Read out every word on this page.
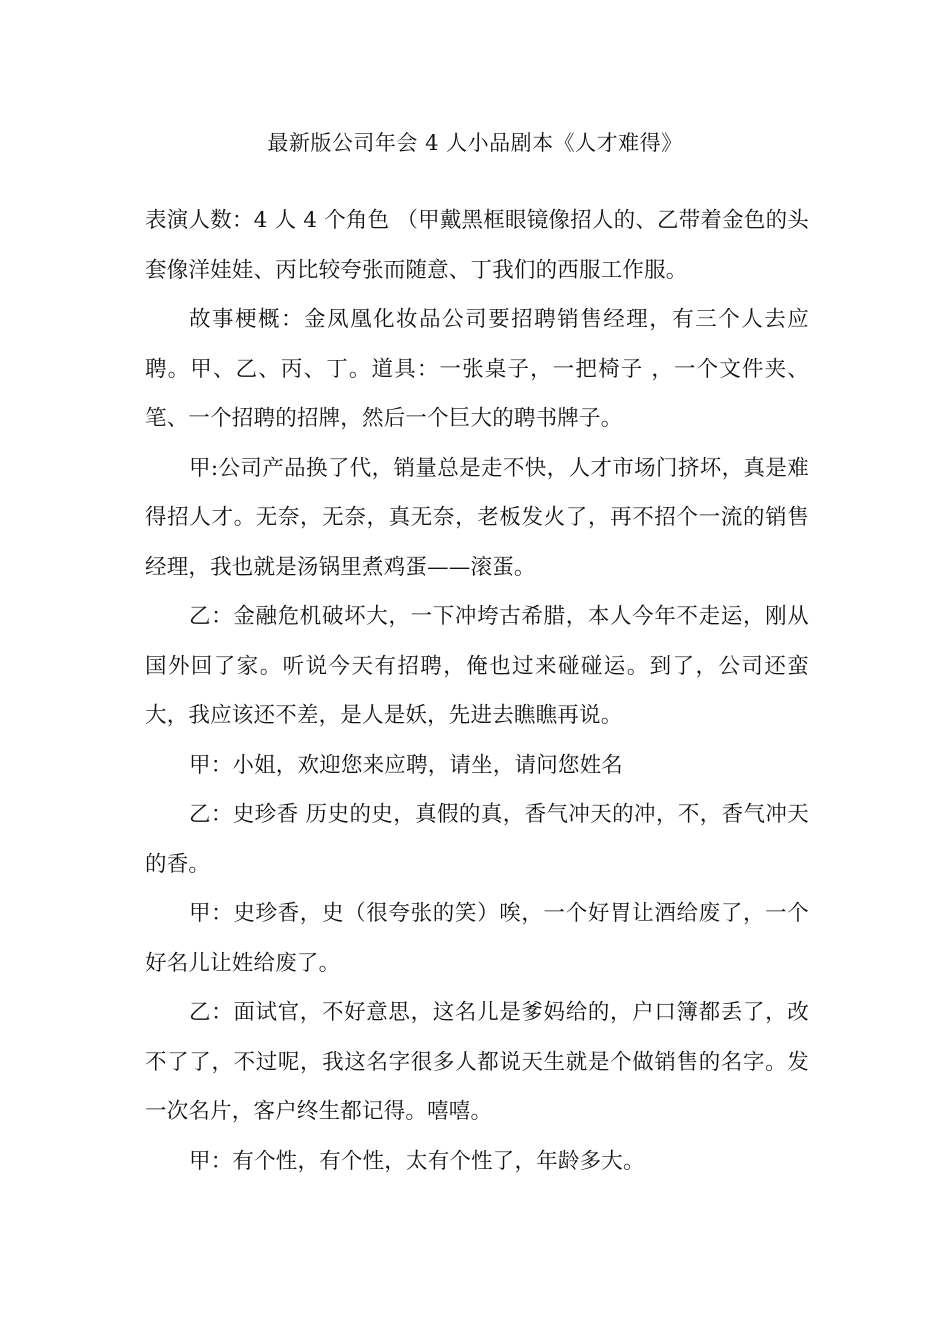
最新版公司年会 4 人小品剧本《人才难得》

表演人数：4 人 4 个角色 （甲戴黑框眼镜像招人的、乙带着金色的头套像洋娃娃、丙比较夸张而随意、丁我们的西服工作服。

故事梗概：金凤凰化妆品公司要招聘销售经理，有三个人去应聘。甲、乙、丙、丁。道具：一张桌子，一把椅子 ，一个文件夹、笔、一个招聘的招牌，然后一个巨大的聘书牌子。

甲:公司产品换了代，销量总是走不快，人才市场门挤坏，真是难得招人才。无奈，无奈，真无奈，老板发火了，再不招个一流的销售经理，我也就是汤锅里煮鸡蛋——滚蛋。

乙：金融危机破坏大，一下冲垮古希腊，本人今年不走运，刚从国外回了家。听说今天有招聘，俺也过来碰碰运。到了，公司还蛮大，我应该还不差，是人是妖，先进去瞧瞧再说。

甲：小姐，欢迎您来应聘，请坐，请问您姓名

乙：史珍香 历史的史，真假的真，香气冲天的冲，不，香气冲天的香。

甲：史珍香，史（很夸张的笑）唉，一个好胃让酒给废了，一个好名儿让姓给废了。

乙：面试官，不好意思，这名儿是爹妈给的，户口簿都丢了，改不了了，不过呢，我这名字很多人都说天生就是个做销售的名字。发一次名片，客户终生都记得。嘻嘻。

甲：有个性，有个性，太有个性了，年龄多大。
